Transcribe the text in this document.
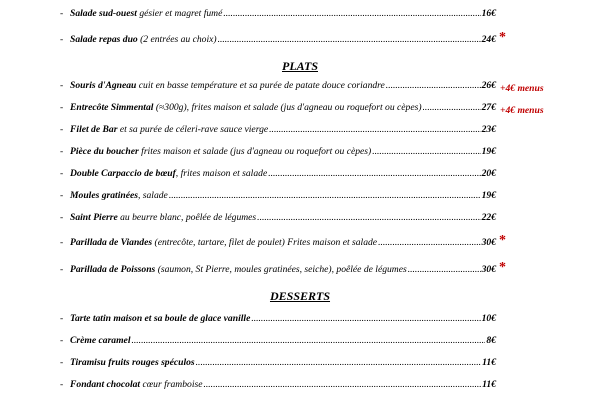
- Salade sud-ouest gésier et magret fumé .....	16€
- Salade repas duo (2 entrées au choix) .....	24€ *
PLATS
- Souris d'Agneau cuit en basse température et sa purée de patate douce coriandre .....	26€ +4€ menus
- Entrecôte Simmental (≈300g), frites maison et salade (jus d'agneau ou roquefort ou cèpes) .....	27€ +4€ menus
- Filet de Bar et sa purée de céleri-rave sauce vierge .....	23€
- Pièce du boucher frites maison et salade (jus d'agneau ou roquefort ou cèpes) .....	19€
- Double Carpaccio de bœuf, frites maison et salade .....	20€
- Moules gratinées, salade .....	19€
- Saint Pierre au beurre blanc, poêlée de légumes .....	22€
- Parillada de Viandes (entrecôte, tartare, filet de poulet) Frites maison et salade .....	30€ *
- Parillada de Poissons (saumon, St Pierre, moules gratinées, seiche), poêlée de légumes .....	30€ *
DESSERTS
- Tarte tatin maison et sa boule de glace vanille .....	10€
- Crème caramel .....	8€
- Tiramisu fruits rouges spéculos .....	11€
- Fondant chocolat cœur framboise .....	11€
